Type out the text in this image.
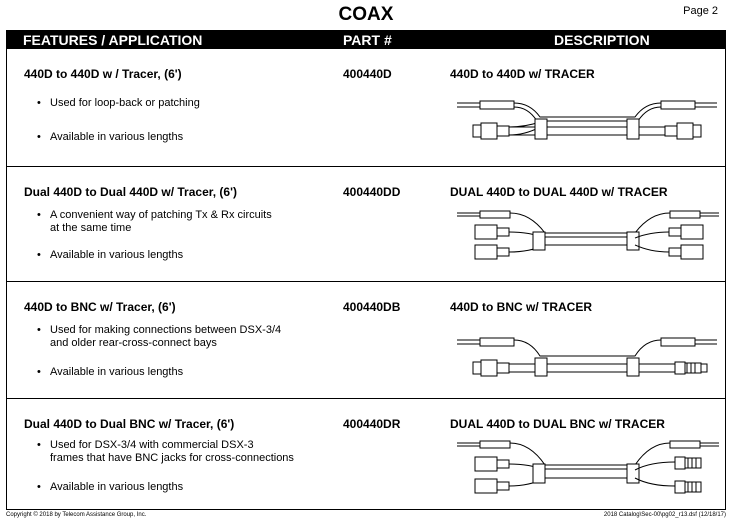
COAX	Page 2
FEATURES / APPLICATION	PART #	DESCRIPTION
440D to 440D w / Tracer, (6')	400440D	440D to 440D w/ TRACER
• Used for loop-back or patching
• Available in various lengths
Dual 440D to Dual 440D w/ Tracer, (6')	400440DD	DUAL 440D to DUAL 440D w/ TRACER
• A convenient way of patching Tx & Rx circuits
at the same time
• Available in various lengths
440D to BNC w/ Tracer, (6')	400440DB	440D to BNC w/ TRACER
• Used for making connections between DSX-3/4
and older rear-cross-connect bays
• Available in various lengths
Dual 440D to Dual BNC w/ Tracer, (6')	400440DR	DUAL 440D to DUAL BNC w/ TRACER
• Used for DSX-3/4 with commercial DSX-3
frames that have BNC jacks for cross-connections
• Available in various lengths
Copyright © 2018 by Telecom Assistance Group, Inc.	2018 Catalog\Sec-00\pg02_r13.dsf (12/18/17)
